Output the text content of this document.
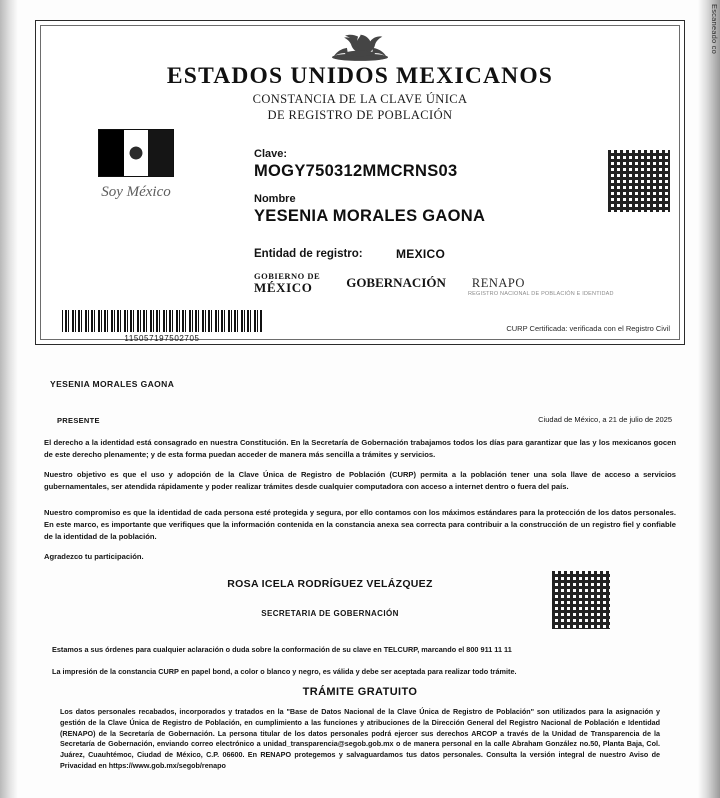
Escaneado co
ESTADOS UNIDOS MEXICANOS
CONSTANCIA DE LA CLAVE ÚNICA
DE REGISTRO DE POBLACIÓN
Soy México
Clave:
MOGY750312MMCRNS03
Nombre
YESENIA MORALES GAONA
Entidad de registro:	MEXICO
GOBIERNO DE
MÉXICO	GOBERNACIÓN RENAPO
REGISTRO NACIONAL DE POBLACIÓN E IDENTIDAD
CURP Certificada: verificada con el Registro Civil
115057197502705
YESENIA MORALES GAONA
PRESENTE	Ciudad de México, a 21 de julio de 2025
El derecho a la identidad está consagrado en nuestra Constitución. En la Secretaría de Gobernación trabajamos todos los días para garantizar que las y los mexicanos gocen de este derecho plenamente; y de esta forma puedan acceder de manera más sencilla a trámites y servicios.
Nuestro objetivo es que el uso y adopción de la Clave Única de Registro de Población (CURP) permita a la población tener una sola llave de acceso a servicios gubernamentales, ser atendida rápidamente y poder realizar trámites desde cualquier computadora con acceso a internet dentro o fuera del país.
Nuestro compromiso es que la identidad de cada persona esté protegida y segura, por ello contamos con los máximos estándares para la protección de los datos personales. En este marco, es importante que verifiques que la información contenida en la constancia anexa sea correcta para contribuir a la construcción de un registro fiel y confiable de la identidad de la población.
Agradezco tu participación.
ROSA ICELA RODRÍGUEZ VELÁZQUEZ
SECRETARIA DE GOBERNACIÓN
Estamos a sus órdenes para cualquier aclaración o duda sobre la conformación de su clave en TELCURP, marcando el 800 911 11 11
La impresión de la constancia CURP en papel bond, a color o blanco y negro, es válida y debe ser aceptada para realizar todo trámite.
TRÁMITE GRATUITO
Los datos personales recabados, incorporados y tratados en la "Base de Datos Nacional de la Clave Única de Registro de Población" son utilizados para la asignación y gestión de la Clave Única de Registro de Población, en cumplimiento a las funciones y atribuciones de la Dirección General del Registro Nacional de Población e Identidad (RENAPO) de la Secretaría de Gobernación. La persona titular de los datos personales podrá ejercer sus derechos ARCOP a través de la Unidad de Transparencia de la Secretaría de Gobernación, enviando correo electrónico a unidad_transparencia@segob.gob.mx o de manera personal en la calle Abraham González no.50, Planta Baja, Col. Juárez, Cuauhtémoc, Ciudad de México, C.P. 06600. En RENAPO protegemos y salvaguardamos tus datos personales. Consulta la versión integral de nuestro Aviso de Privacidad en https://www.gob.mx/segob/renapo
